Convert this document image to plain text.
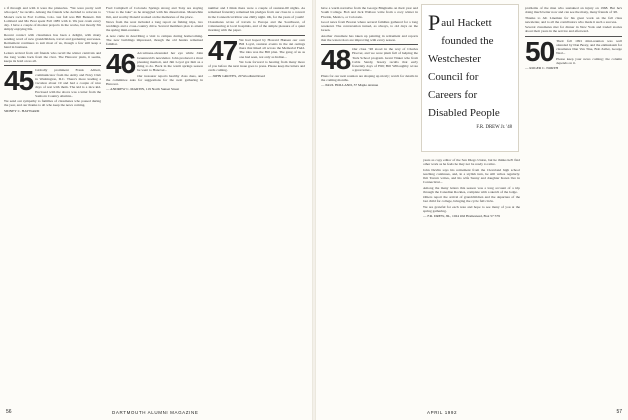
s if through and with it were the pinnacles. "We were pretty well whooped," he recalls. Among the friends who decided to relocate to Mona's rock in Fort Collins, Colo. last fall was Bill Bennett. Jim Lombard and Mo Bost spent Fall 1985 with it. We just crash every day. I have a couple of modest projects in the works, but mostly I'm simply enjoying life.

Recent contact with classmates has been a delight, with many sending word of new grandchildren, travel and gardening successes. Retirement continues to suit most of us, though a few still keep a hand in business.

Letters arrived from old friends who recall the winter carnivals and the long walks back from the river. The Hanover plain, it seems, keeps its hold on us all.

45 Globally prominent Frank Abbott, communicator from the Army and Navy Club in Washington, D.C. There's more leading a vacation about 19 and had a couple of nice days of rest with them. The kid is a nice kid. Enclosed with the above was a letter from the Sanborn Country Alumni...

We send our sympathy to families of classmates who passed during the year, and our thanks to all who keep the news coming.

SIDNEY C. HAYWARD

Fred Campbell of Colorado Springs strong and Tony are staying "close to the lake" as he struggled with his dissertation. Meanwhile Jim, and worthy Donald worked on the memories of the place.

News from the west included a long report on fishing trips, two weddings and a cross-country drive. Several members plan to attend the spring mini-reunion.

A note came in describing a visit to campus during homecoming. The new buildings impressed, though the old haunts remained familiar.

46 Ad-witness-abounded her eye while John Gruenwald's newsletter. John produced a most pleasing memoir, and Jim Loyal got him as a thing to do. Back in the warm springs season he went to Hanover...

Our treasurer reports healthy class dues, and the committee asks for suggestions for the next gathering in Hanover.

— ANDREW C. MARTIN, 119 North Sunset Street

number and I think there were a couple of reunion-60 nights. As remained fraternity remained his pledges from our class in a concert in the Connecticut River one chilly night. Oh, for the years of youth!

Classmates wrote of travels to Europe and the Southwest, of volunteering at local hospitals, and of the simple pleasure of a quiet morning with the paper.

47 We had hoped by Howard Hansen our own Bill Loyal, reunion events in the ski outings there that hiked all across the Memorial Field. The idea was the Bill plan. The gang of us as one had seen, not only as Indian...

We look forward to hearing from many more of you before the next issue goes to press. Please keep the letters and cards coming.

— JOHN GROVES, 20 Woodland Road

56	DARTMOUTH ALUMNI MAGAZINE

have a warm narrative from the George Binghams on their year and South College. Bob and Jack Wallace write from a cozy winter in Florida, Mexico, or Colorado.

Good news from Boston where several families gathered for a long weekend. The conversation turned, as always, to old days on the Green.

Another classmate has taken up painting in retirement and reports that the watercolors are improving with every season.

48 Our class "48 stood in the way of Charles Hoover, and we were plum full of helping the Tuck School program. Grant Tinker who from Cable Sandy, breezy recalls that early fraternity days of Hill; Bill Willoughby wrote a great letter...

Plans for our next reunion are shaping up nicely; watch for details in the coming months.

— PAUL HOLLAND, 37 Maple Avenue

P aul Hackett founded the Westchester Council for Careers for Disabled People
F.R. DREW Jr. '48

years as copy editor of the San Diego Union, but he thinks he'll find other work as he feels he may not be ready to retire.

John Devlin says his retirement from the Cleveland high school teaching continues, and, in a stylish turn, he still writes regularly. Jim Tavern writes, and his wife Sunny and daughter Karen live in Connecticut...

Among the many letters this season was a long account of a trip through the Canadian Rockies, complete with a sketch of the lodge.

Others report the arrival of grandchildren and the departure of the last child for college, bringing the cycle full circle.

We are grateful for each note and hope to see many of you at the spring gathering.

— F.R. DREW, JR., 1024 Old Homestead, Box 57 579

problems of the man who sustained an injury on 1968. But he's doing much better now and can see the many, many friends of '48.

Thanks to Jeb Lineman for his great work on the fall class newsletter, and to all the contributors who made it such a success.

Several classmates met for dinner in New York and traded stories about their years in the service and afterward.

50 Their fall 1991 mini-reunion was well attended by Dan Beaty, and the enthusiasm for classmates Dan Van Tine, Bob Zeller, George Neal...

Please keep your news coming; the column depends on it.

— ROGER C. NORTH

APRIL 1992	57
